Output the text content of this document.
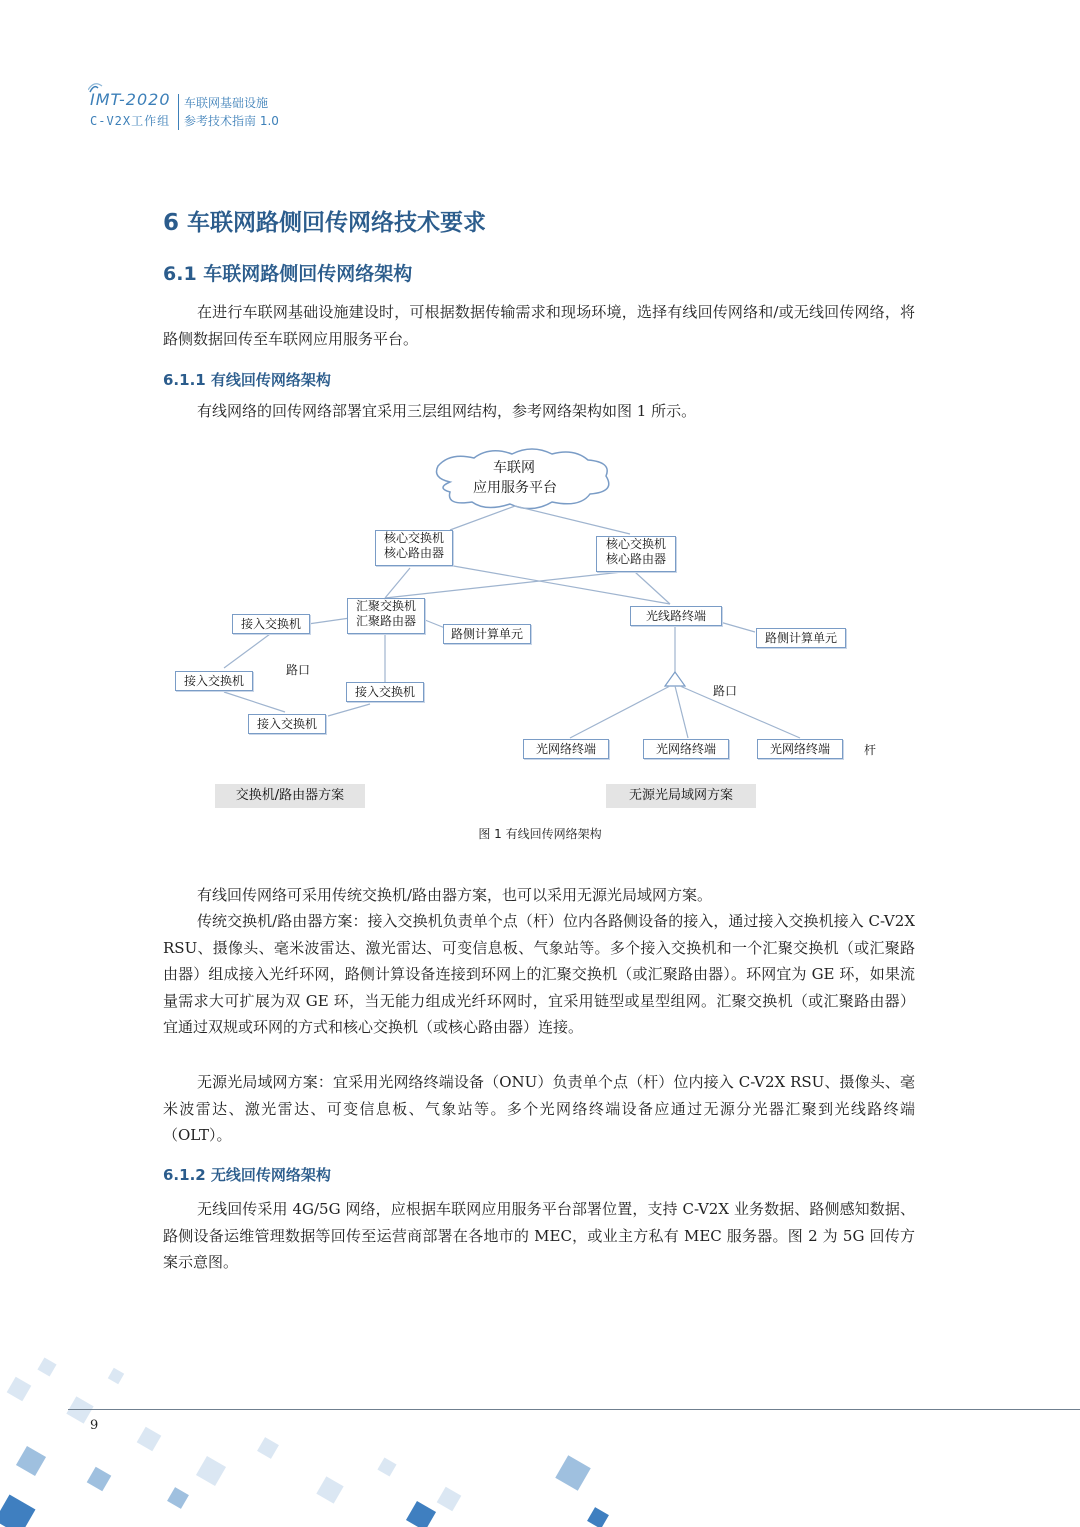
IMT-2020
C-V2X工作组
车联网基础设施
参考技术指南 1.0
6 车联网路侧回传网络技术要求
6.1 车联网路侧回传网络架构
在进行车联网基础设施建设时，可根据数据传输需求和现场环境，选择有线回传网络和/或无线回传网络，将路侧数据回传至车联网应用服务平台。
6.1.1 有线回传网络架构
有线网络的回传网络部署宜采用三层组网结构，参考网络架构如图 1 所示。
车联网
应用服务平台
核心交换机
核心路由器
核心交换机
核心路由器
汇聚交换机
汇聚路由器	光线路终端
路侧计算单元	路侧计算单元
接入交换机
接入交换机
接入交换机
接入交换机
路口
路口
光网络终端	光网络终端	光网络终端	杆
交换机/路由器方案	无源光局域网方案
图 1 有线回传网络架构
有线回传网络可采用传统交换机/路由器方案，也可以采用无源光局域网方案。
传统交换机/路由器方案：接入交换机负责单个点（杆）位内各路侧设备的接入，通过接入交换机接入 C-V2X RSU、摄像头、毫米波雷达、激光雷达、可变信息板、气象站等。多个接入交换机和一个汇聚交换机（或汇聚路由器）组成接入光纤环网，路侧计算设备连接到环网上的汇聚交换机（或汇聚路由器）。环网宜为 GE 环，如果流量需求大可扩展为双 GE 环，当无能力组成光纤环网时，宜采用链型或星型组网。汇聚交换机（或汇聚路由器）宜通过双规或环网的方式和核心交换机（或核心路由器）连接。
无源光局域网方案：宜采用光网络终端设备（ONU）负责单个点（杆）位内接入 C-V2X RSU、摄像头、毫米波雷达、激光雷达、可变信息板、气象站等。多个光网络终端设备应通过无源分光器汇聚到光线路终端（OLT）。
6.1.2 无线回传网络架构
无线回传采用 4G/5G 网络，应根据车联网应用服务平台部署位置，支持 C-V2X 业务数据、路侧感知数据、路侧设备运维管理数据等回传至运营商部署在各地市的 MEC，或业主方私有 MEC 服务器。图 2 为 5G 回传方案示意图。
9
